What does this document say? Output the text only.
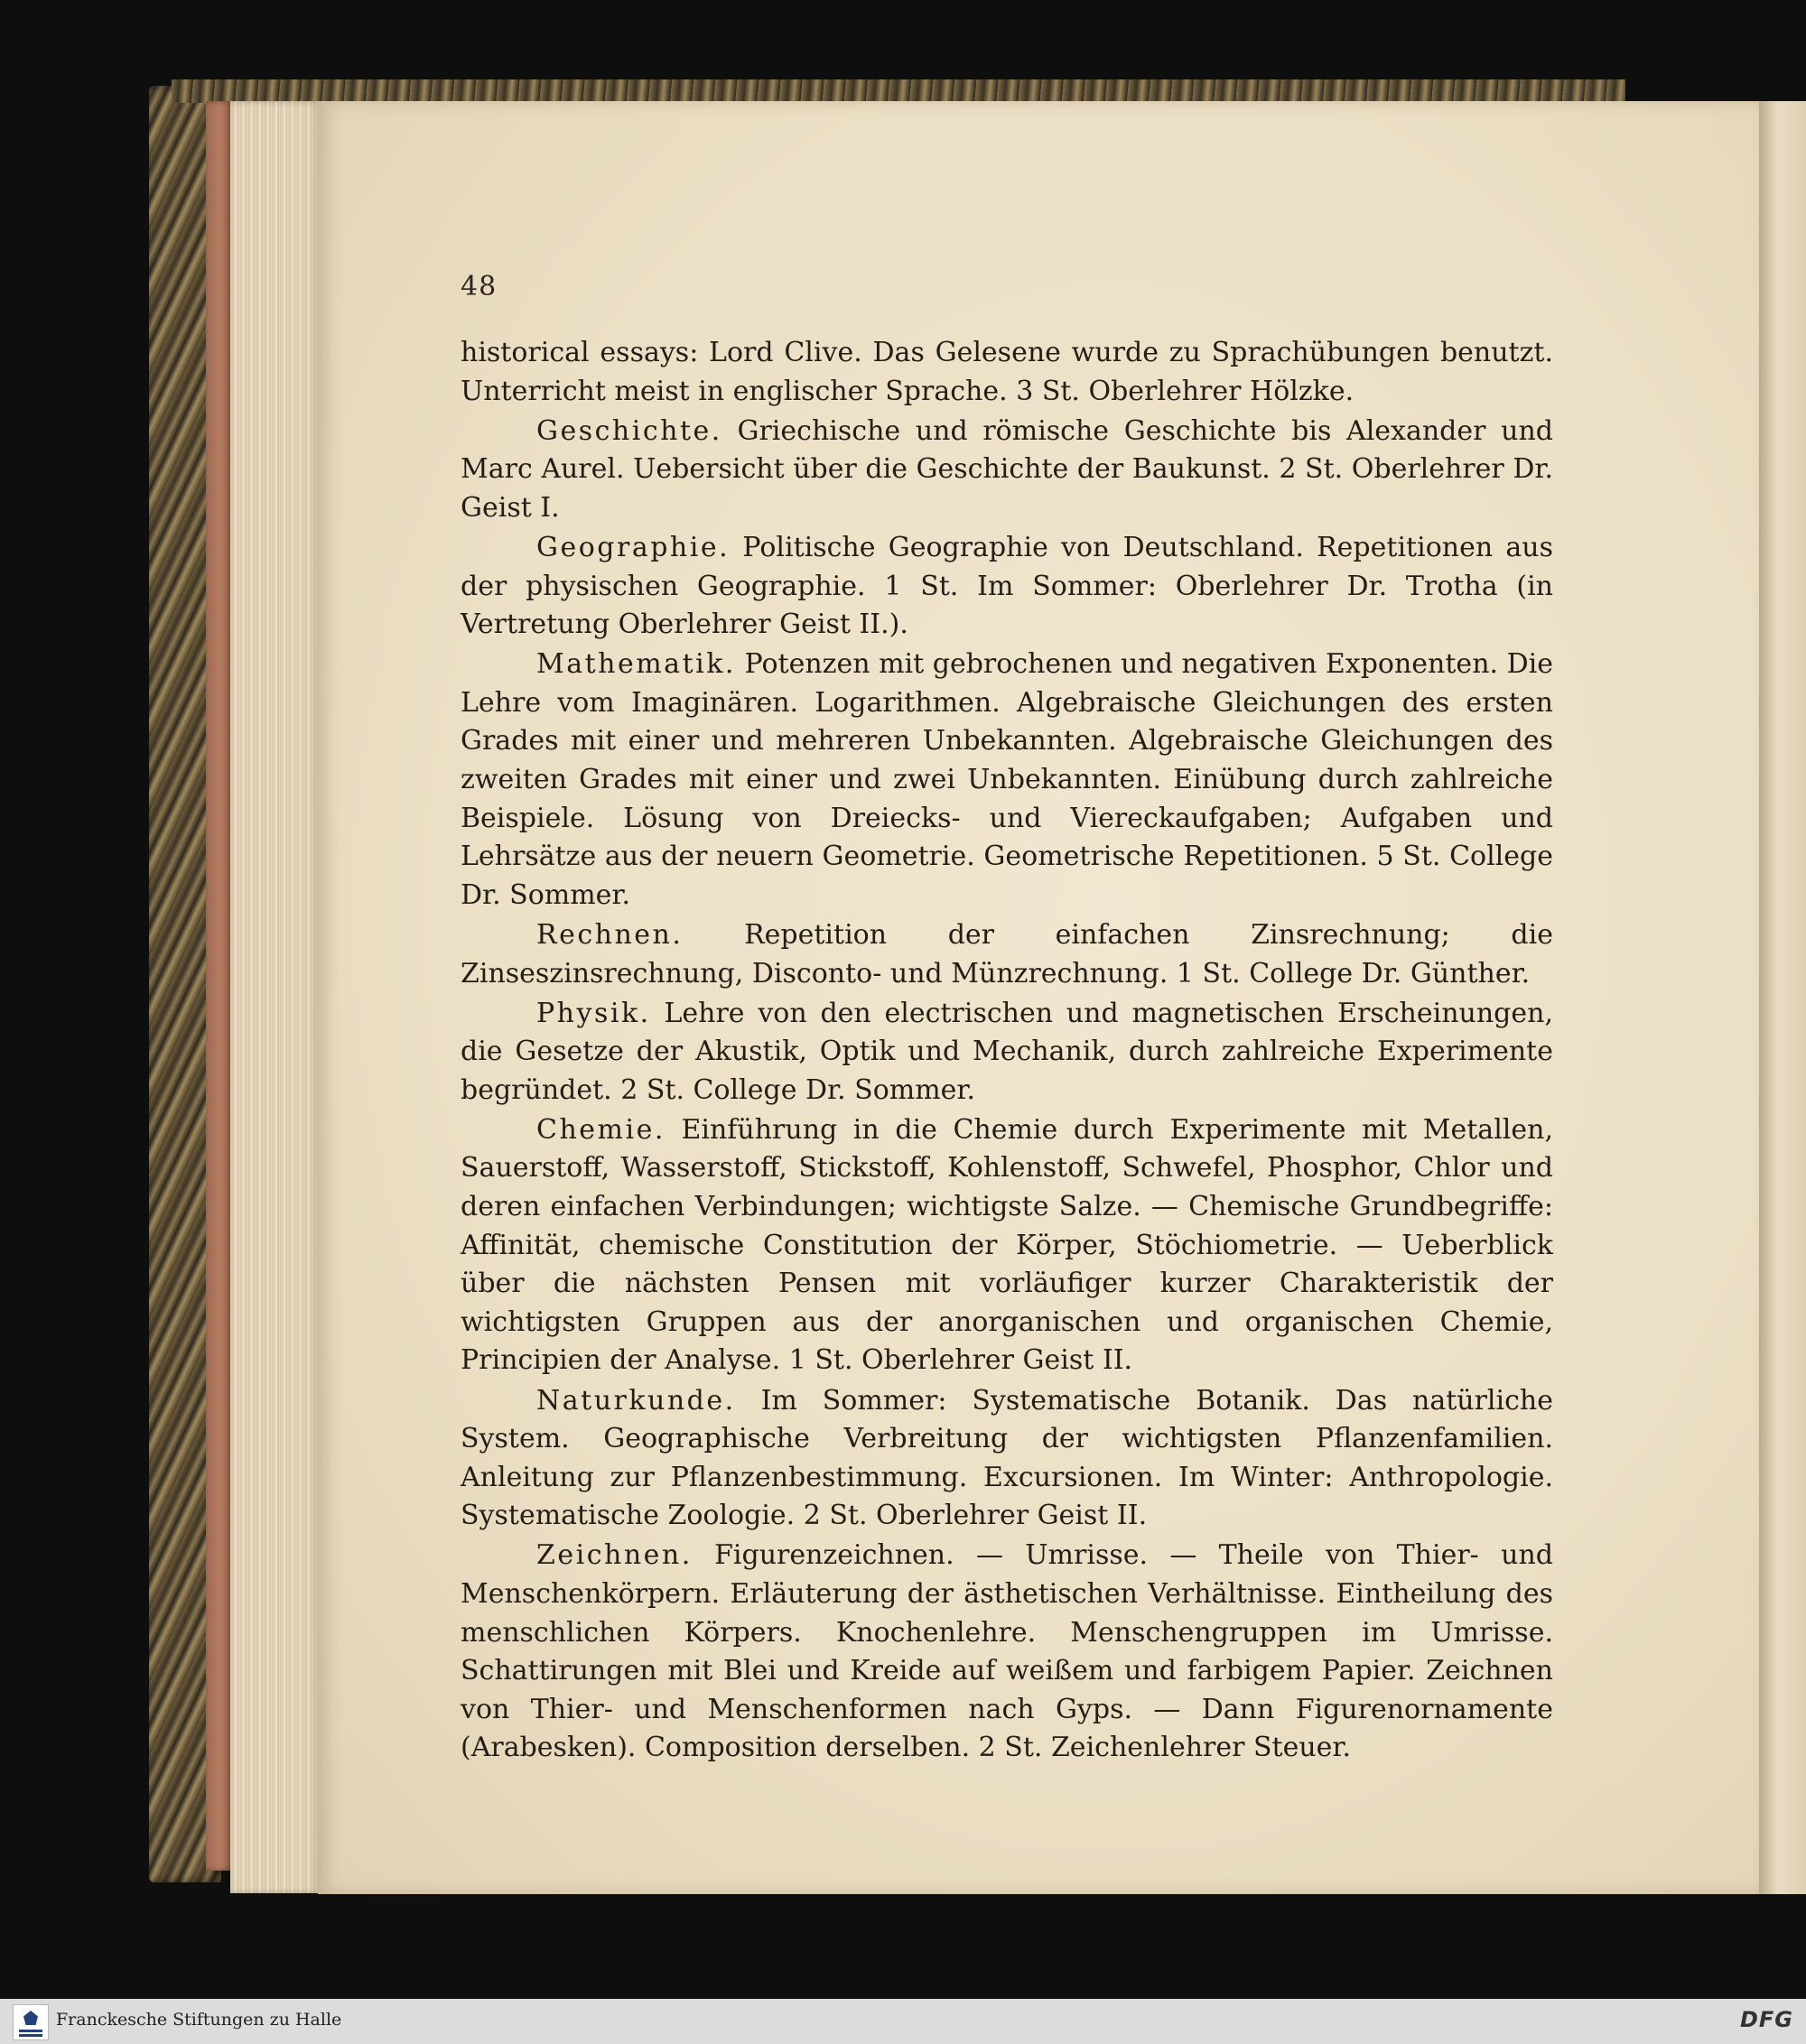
48

historical essays: Lord Clive. Das Gelesene wurde zu Sprachübungen benutzt. Unterricht meist in englischer Sprache. 3 St. Oberlehrer Hölzke.

Geschichte. Griechische und römische Geschichte bis Alexander und Marc Aurel. Uebersicht über die Geschichte der Baukunst. 2 St. Oberlehrer Dr. Geist I.

Geographie. Politische Geographie von Deutschland. Repetitionen aus der physischen Geographie. 1 St. Im Sommer: Oberlehrer Dr. Trotha (in Vertretung Oberlehrer Geist II.).

Mathematik. Potenzen mit gebrochenen und negativen Exponenten. Die Lehre vom Imaginären. Logarithmen. Algebraische Gleichungen des ersten Grades mit einer und mehreren Unbekannten. Algebraische Gleichungen des zweiten Grades mit einer und zwei Unbekannten. Einübung durch zahlreiche Beispiele. Lösung von Dreiecks- und Viereckaufgaben; Aufgaben und Lehrsätze aus der neuern Geometrie. Geometrische Repetitionen. 5 St. College Dr. Sommer.

Rechnen. Repetition der einfachen Zinsrechnung; die Zinseszinsrechnung, Disconto- und Münzrechnung. 1 St. College Dr. Günther.

Physik. Lehre von den electrischen und magnetischen Erscheinungen, die Gesetze der Akustik, Optik und Mechanik, durch zahlreiche Experimente begründet. 2 St. College Dr. Sommer.

Chemie. Einführung in die Chemie durch Experimente mit Metallen, Sauerstoff, Wasserstoff, Stickstoff, Kohlenstoff, Schwefel, Phosphor, Chlor und deren einfachen Verbindungen; wichtigste Salze. — Chemische Grundbegriffe: Affinität, chemische Constitution der Körper, Stöchiometrie. — Ueberblick über die nächsten Pensen mit vorläufiger kurzer Charakteristik der wichtigsten Gruppen aus der anorganischen und organischen Chemie, Principien der Analyse. 1 St. Oberlehrer Geist II.

Naturkunde. Im Sommer: Systematische Botanik. Das natürliche System. Geographische Verbreitung der wichtigsten Pflanzenfamilien. Anleitung zur Pflanzenbestimmung. Excursionen. Im Winter: Anthropologie. Systematische Zoologie. 2 St. Oberlehrer Geist II.

Zeichnen. Figurenzeichnen. — Umrisse. — Theile von Thier- und Menschenkörpern. Erläuterung der ästhetischen Verhältnisse. Eintheilung des menschlichen Körpers. Knochenlehre. Menschengruppen im Umrisse. Schattirungen mit Blei und Kreide auf weißem und farbigem Papier. Zeichnen von Thier- und Menschenformen nach Gyps. — Dann Figurenornamente (Arabesken). Composition derselben. 2 St. Zeichenlehrer Steuer.

Franckesche Stiftungen zu Halle	DFG
